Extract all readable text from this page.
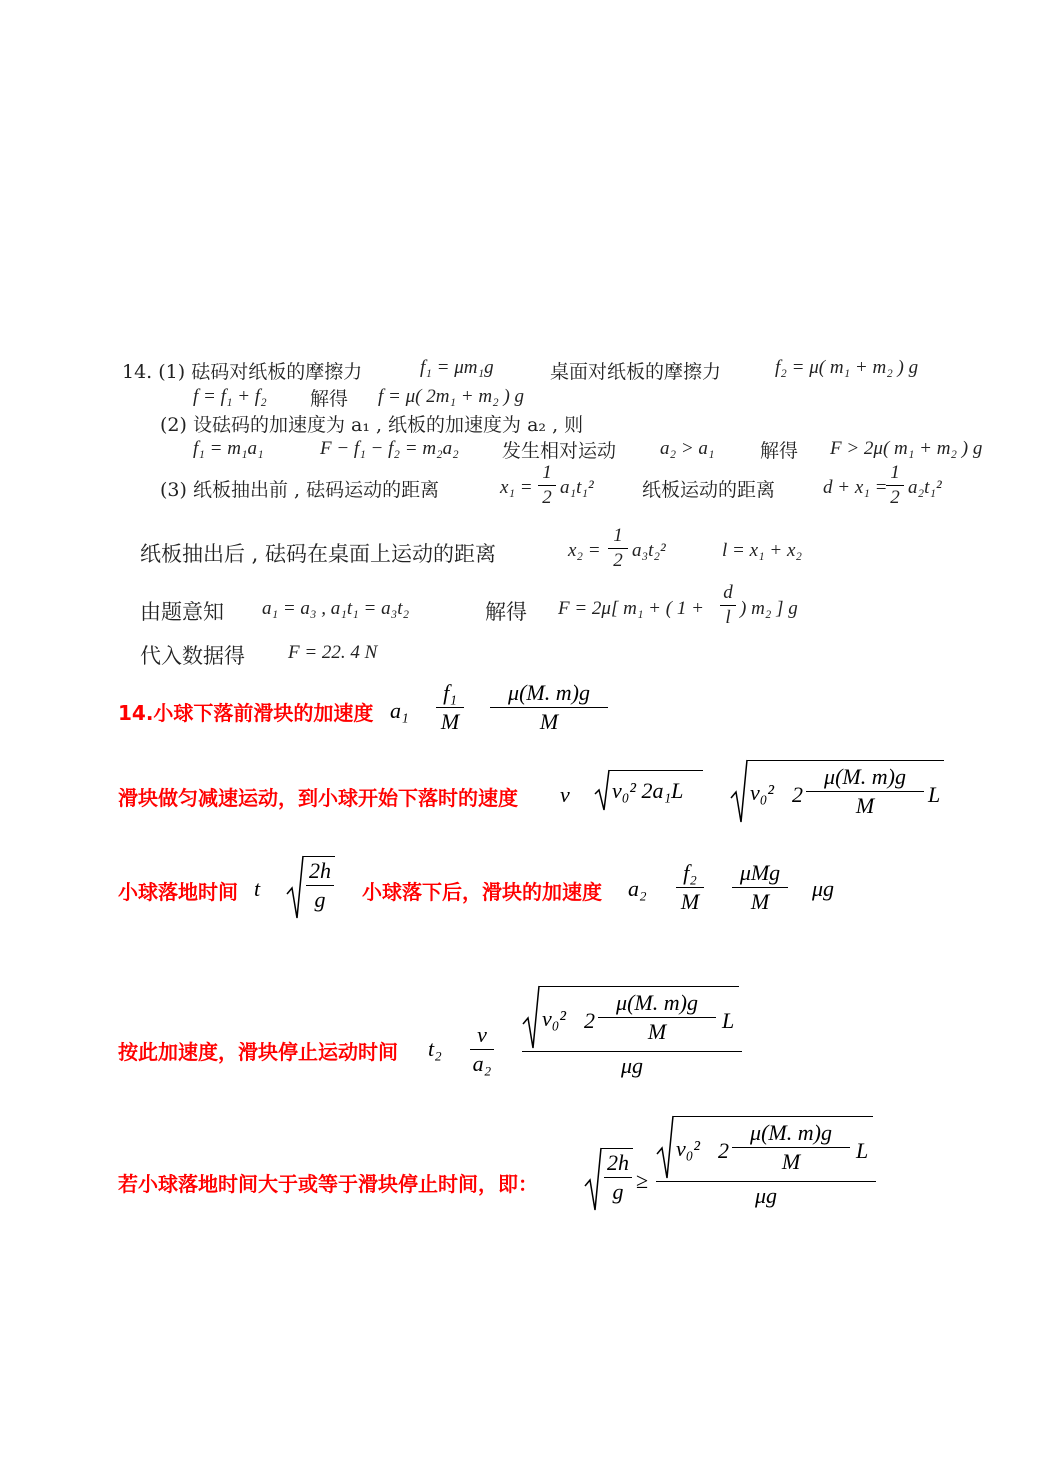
14. (1) 砝码对纸板的摩擦力	f₁ = μm₁g	桌面对纸板的摩擦力	f₂ = μ( m₁ + m₂ ) g
f = f₁ + f₂ 解得 f = μ( 2m₁ + m₂ ) g
(2) 设砝码的加速度为 a₁ , 纸板的加速度为 a₂ , 则
f₁ = m₁a₁	F − f₁ − f₂ = m₂a₂ 发生相对运动 a₂ > a₁ 解得 F > 2μ( m₁ + m₂ ) g
(3) 纸板抽出前 , 砝码运动的距离	x₁ =
1
2 a₁t₁²	纸板运动的距离	d + x₁ =
1
2 a₂t₁²
纸板抽出后 , 砝码在桌面上运动的距离	x₂ =
1
2 a₃t₂²	l = x₁ + x₂
由题意知 a₁ = a₃ , a₁t₁ = a₃t₂	解得 F = 2μ[ m₁ + ( 1 +
d
l ) m₂ ] g
代入数据得 F = 22. 4 N
14.小球下落前滑块的加速度 a₁
f₁
M
μ(M. m)g
M
滑块做匀减速运动，到小球开始下落时的速度 v v₀² 2a₁L	v₀² 2
μ(M. m)g
M	L
小球落地时间 t
2h
g	小球落下后，滑块的加速度 a₂
f₂
M
μMg
M
μg
按此加速度，滑块停止运动时间 t₂
v
a₂
v₀² 2
μ(M. m)g
M	L
μg
若小球落地时间大于或等于滑块停止时间，即：
2h
g ≥
v₀² 2
μ(M. m)g
M	L
μg
